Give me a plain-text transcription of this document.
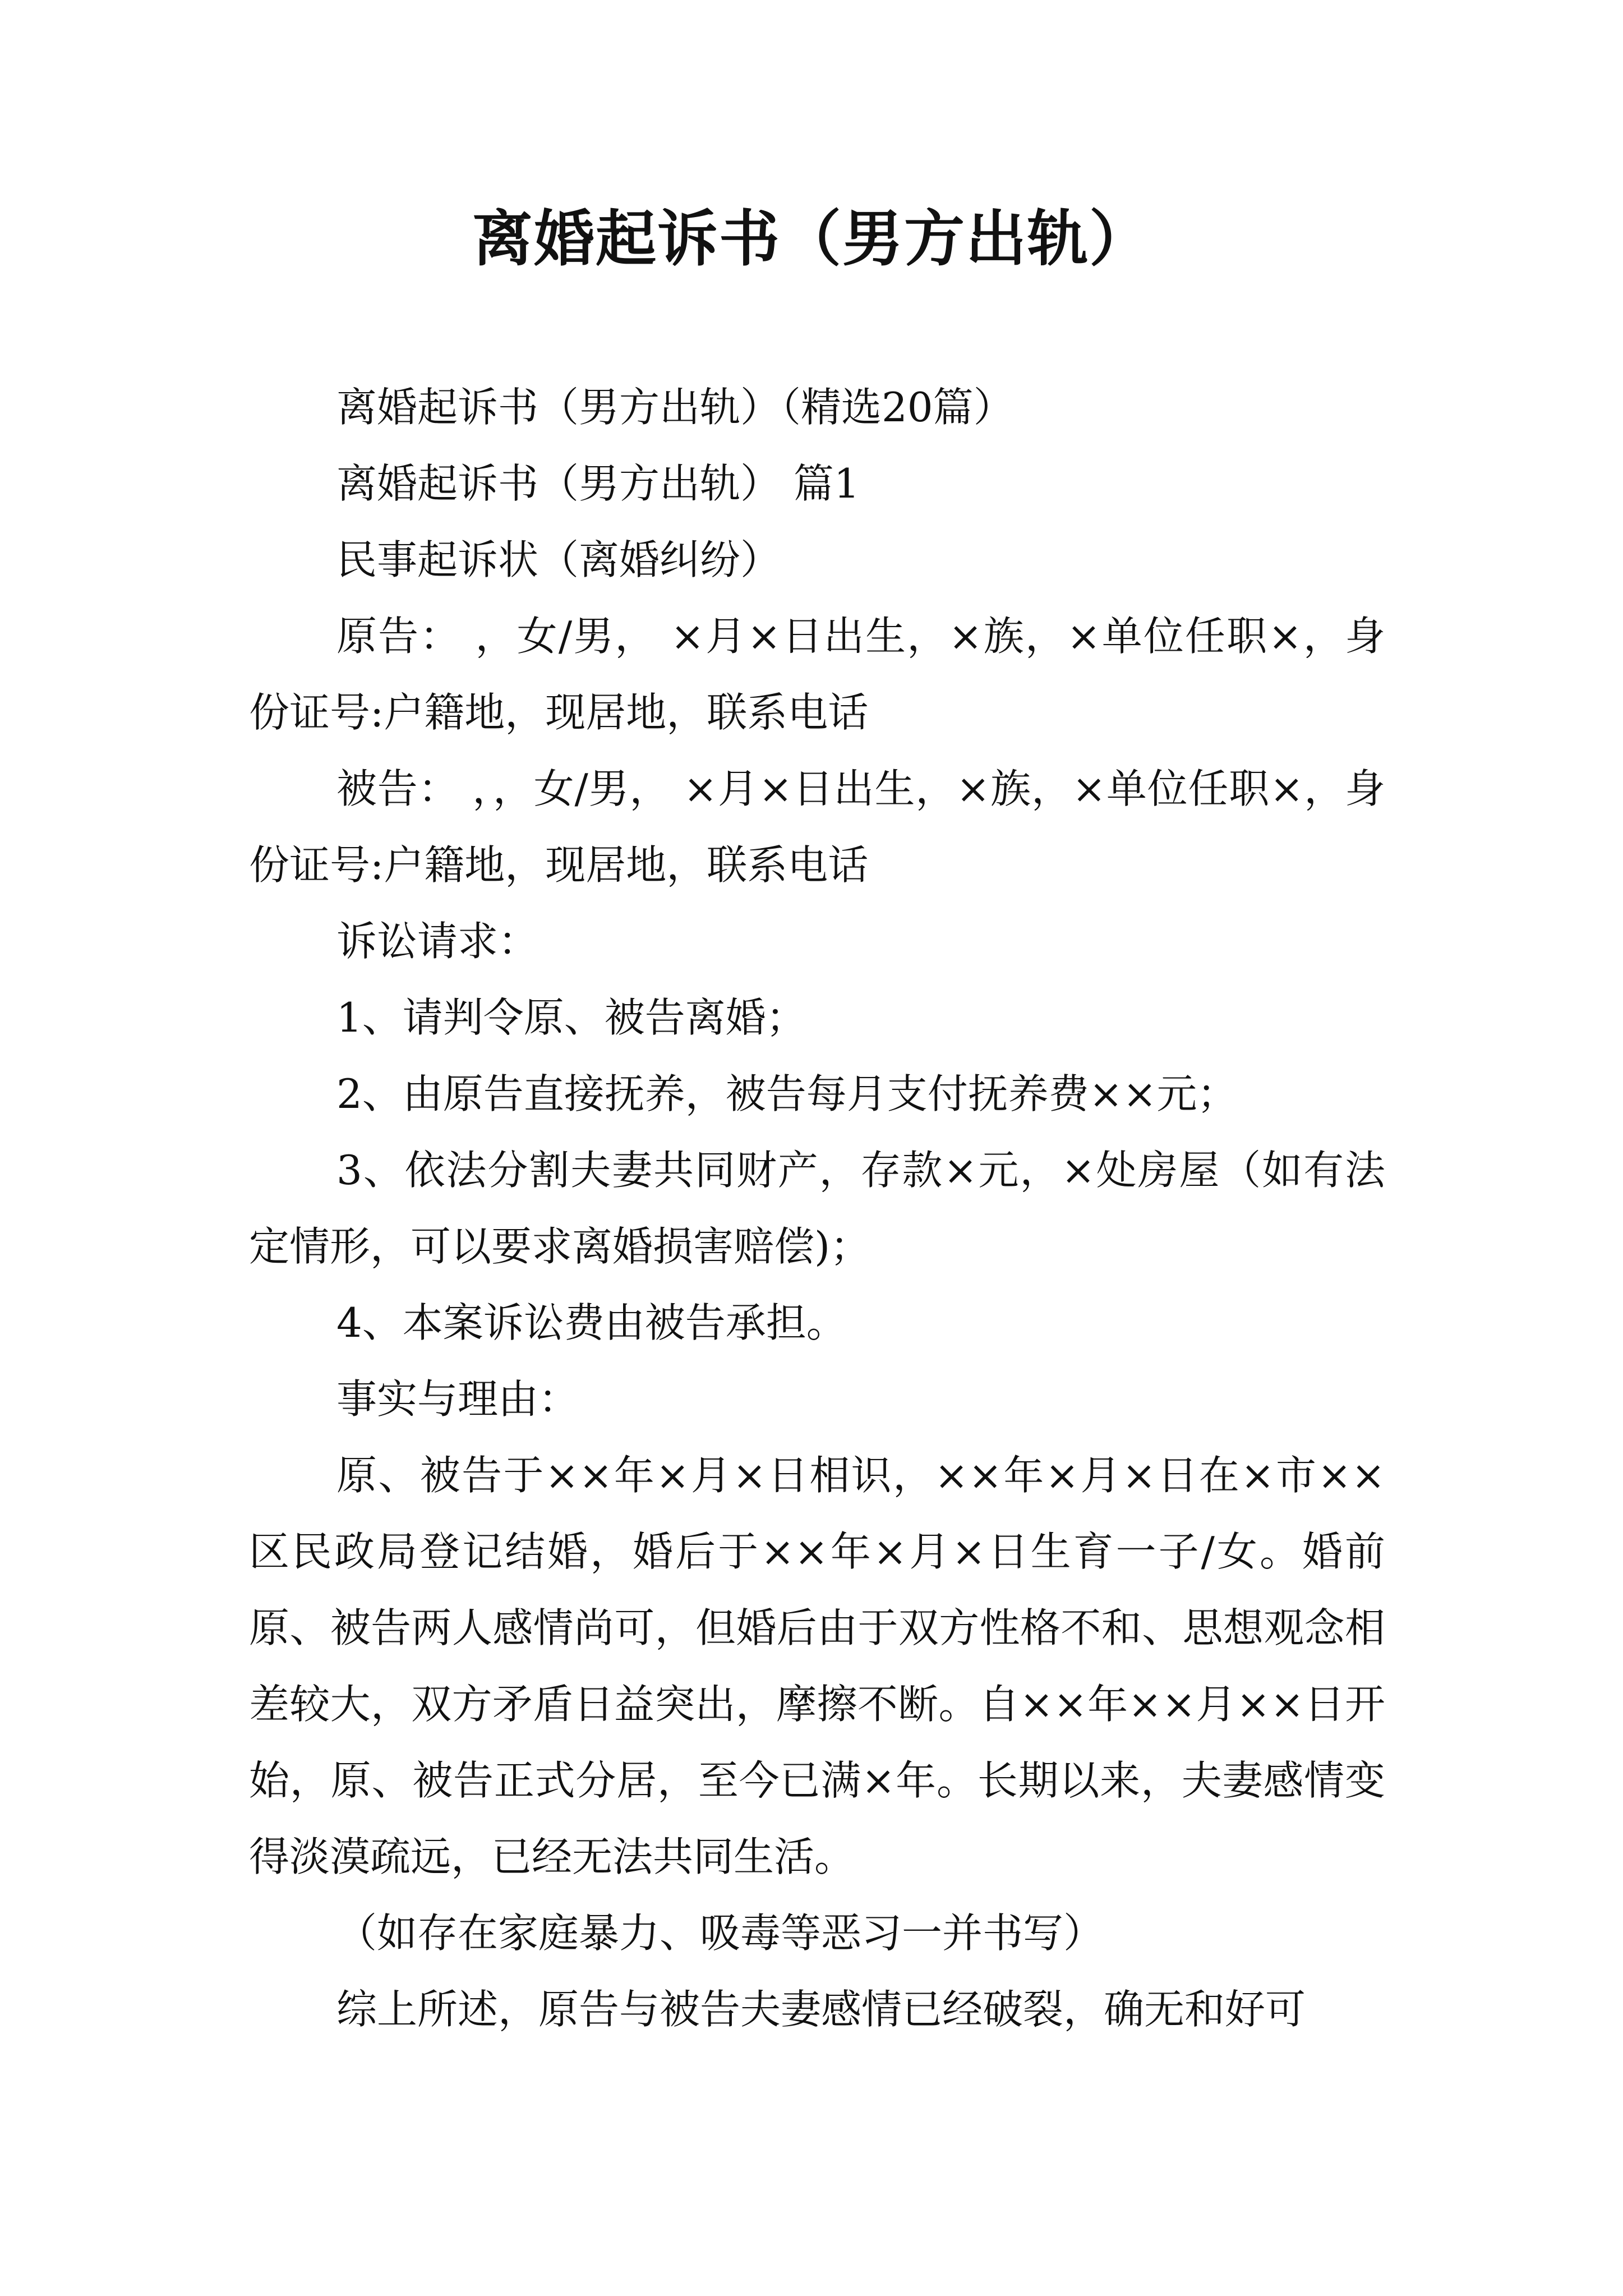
离婚起诉书（男方出轨）

离婚起诉书（男方出轨）（精选20篇）

离婚起诉书（男方出轨） 篇1

民事起诉状（离婚纠纷）

原告： ，女/男， ×月×日出生，×族，×单位任职×，身份证号:户籍地，现居地，联系电话

被告： ，，女/男， ×月×日出生，×族，×单位任职×，身份证号:户籍地，现居地，联系电话

诉讼请求：

1、请判令原、被告离婚；

2、由原告直接抚养，被告每月支付抚养费××元；

3、依法分割夫妻共同财产，存款×元，×处房屋（如有法定情形，可以要求离婚损害赔偿)；

4、本案诉讼费由被告承担。

事实与理由：

原、被告于××年×月×日相识，××年×月×日在×市××区民政局登记结婚，婚后于××年×月×日生育一子/女。婚前原、被告两人感情尚可，但婚后由于双方性格不和、思想观念相差较大，双方矛盾日益突出，摩擦不断。自××年××月××日开始，原、被告正式分居，至今已满×年。长期以来，夫妻感情变得淡漠疏远，已经无法共同生活。

（如存在家庭暴力、吸毒等恶习一并书写）

综上所述，原告与被告夫妻感情已经破裂，确无和好可
